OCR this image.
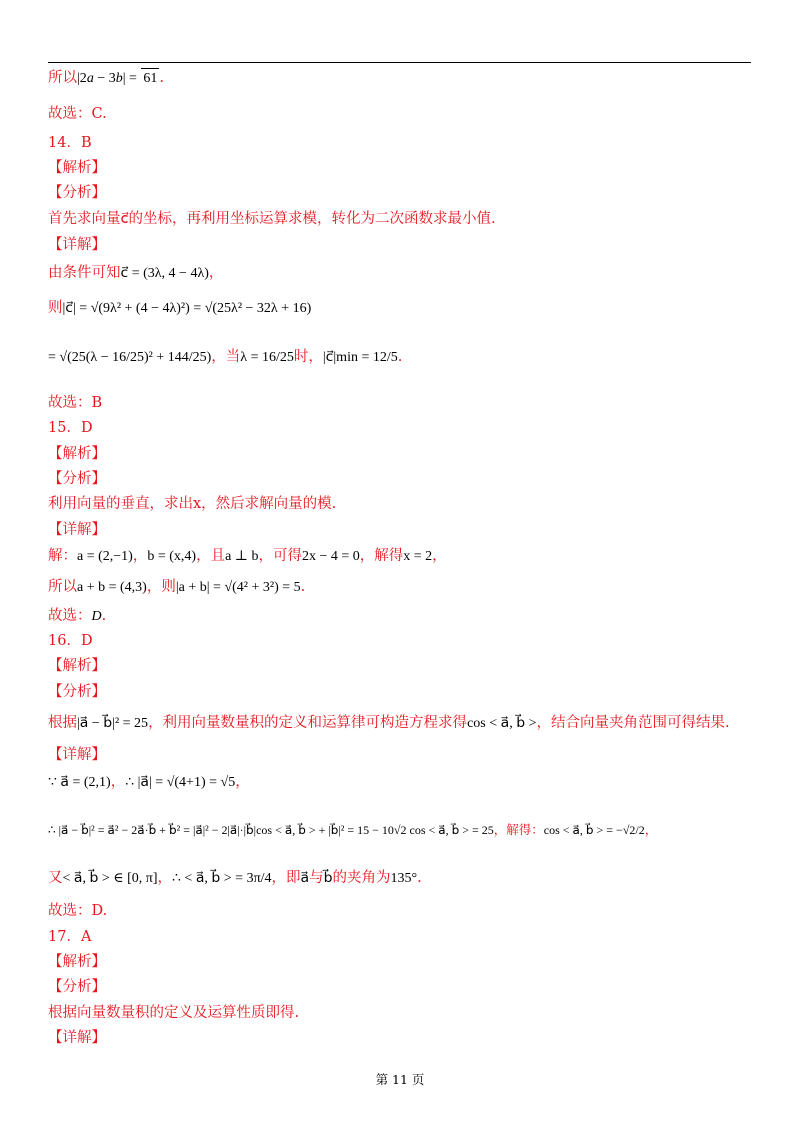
所以|2a − 3b| = 61 .
故选：C.
14．B
【解析】
【分析】
首先求向量c⃗的坐标，再利用坐标运算求模，转化为二次函数求最小值.
【详解】
由条件可知c⃗ = (3λ, 4 − 4λ)，
则|c⃗| = √(9λ² + (4 − 4λ)²) = √(25λ² − 32λ + 16)
= √(25(λ − 16/25)² + 144/25)，当λ = 16/25时，|c⃗|min = 12/5.
故选：B
15．D
【解析】
【分析】
利用向量的垂直，求出x，然后求解向量的模.
【详解】
解：a = (2,−1)，b = (x,4)，且a ⊥ b，可得2x − 4 = 0，解得x = 2，
所以a + b = (4,3)，则|a + b| = √(4² + 3²) = 5.
故选：D.
16．D
【解析】
【分析】
根据|a⃗ − b⃗|² = 25，利用向量数量积的定义和运算律可构造方程求得cos < a⃗, b⃗ >，结合向量夹角范围可得结果.
【详解】
∵ a⃗ = (2,1)，∴ |a⃗| = √(4+1) = √5，
∴ |a⃗ − b⃗|² = a⃗² − 2a⃗·b⃗ + b⃗² = |a⃗|² − 2|a⃗|·|b⃗|cos < a⃗, b⃗ > + |b⃗|² = 15 − 10√2 cos < a⃗, b⃗ > = 25，解得：cos < a⃗, b⃗ > = −√2/2，
又< a⃗, b⃗ > ∈ [0, π]，∴ < a⃗, b⃗ > = 3π/4，即a⃗与b⃗的夹角为135°.
故选：D.
17．A
【解析】
【分析】
根据向量数量积的定义及运算性质即得.
【详解】
第 11 页
